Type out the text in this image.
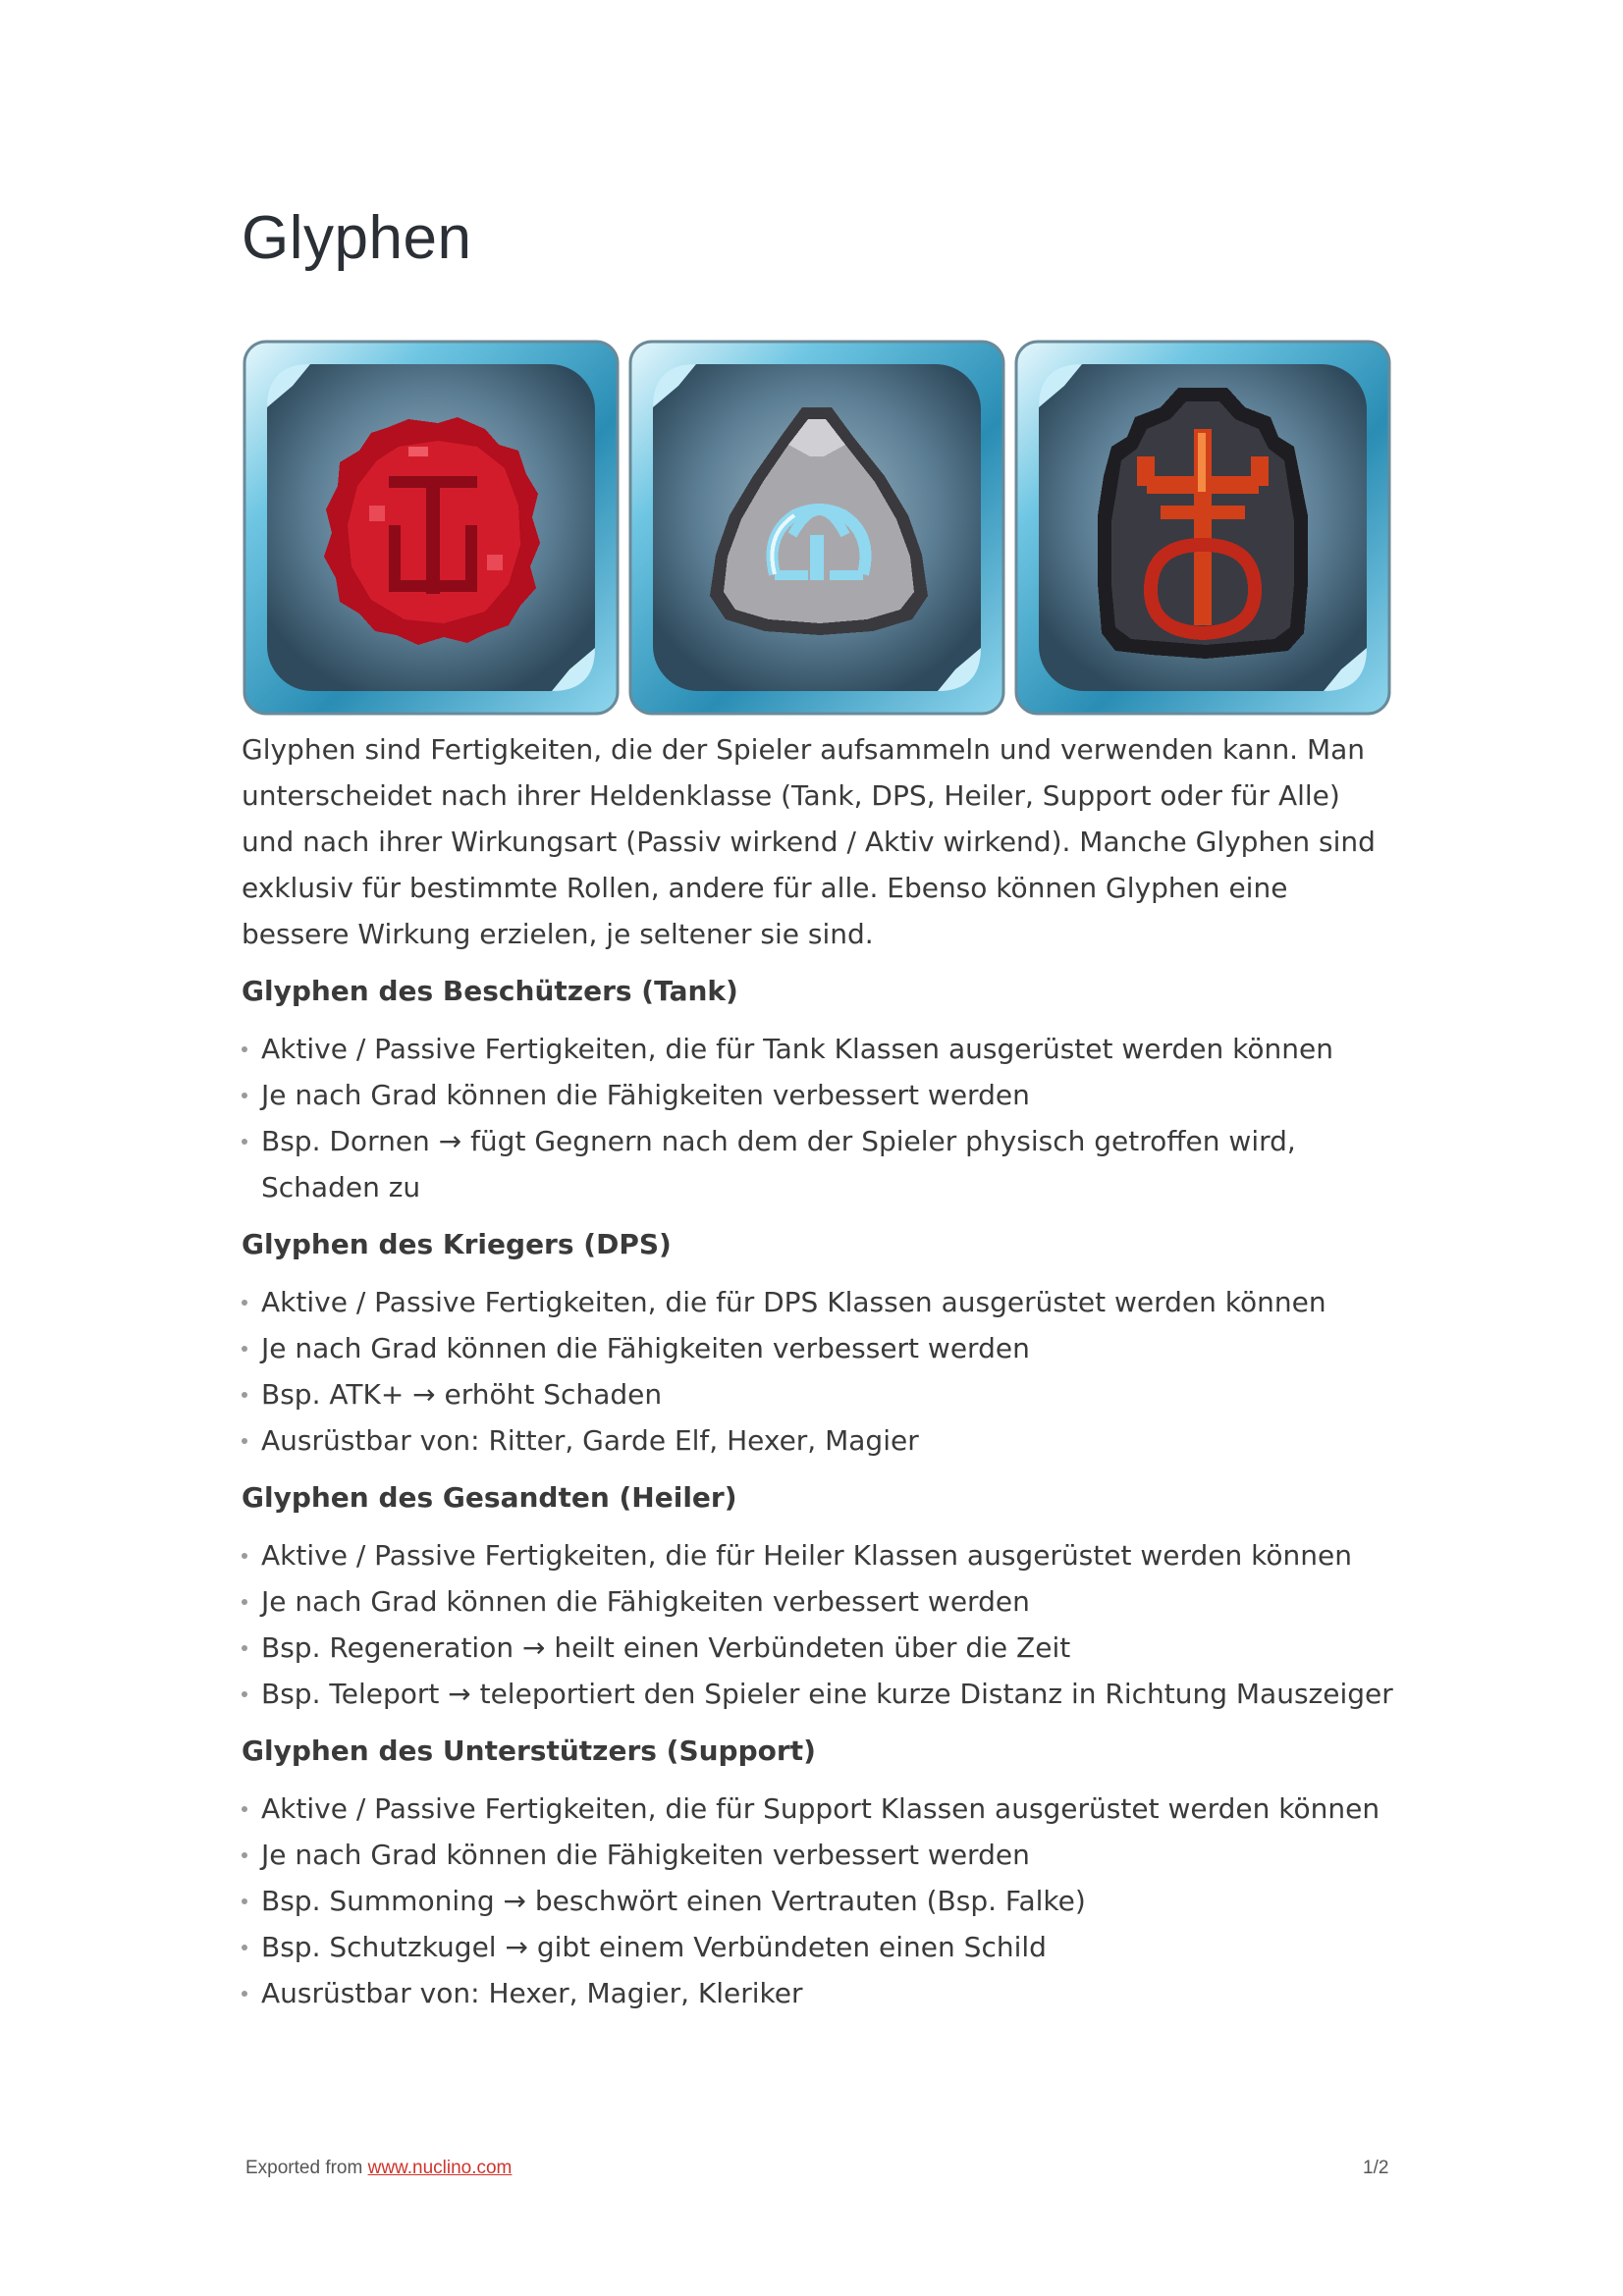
Glyphen

Glyphen sind Fertigkeiten, die der Spieler aufsammeln und verwenden kann. Man unterscheidet nach ihrer Heldenklasse (Tank, DPS, Heiler, Support oder für Alle) und nach ihrer Wirkungsart (Passiv wirkend / Aktiv wirkend). Manche Glyphen sind exklusiv für bestimmte Rollen, andere für alle. Ebenso können Glyphen eine bessere Wirkung erzielen, je seltener sie sind.

Glyphen des Beschützers (Tank)
Aktive / Passive Fertigkeiten, die für Tank Klassen ausgerüstet werden können
Je nach Grad können die Fähigkeiten verbessert werden
Bsp. Dornen → fügt Gegnern nach dem der Spieler physisch getroffen wird, Schaden zu
Glyphen des Kriegers (DPS)
Aktive / Passive Fertigkeiten, die für DPS Klassen ausgerüstet werden können
Je nach Grad können die Fähigkeiten verbessert werden
Bsp. ATK+ → erhöht Schaden
Ausrüstbar von: Ritter, Garde Elf, Hexer, Magier
Glyphen des Gesandten (Heiler)
Aktive / Passive Fertigkeiten, die für Heiler Klassen ausgerüstet werden können
Je nach Grad können die Fähigkeiten verbessert werden
Bsp. Regeneration → heilt einen Verbündeten über die Zeit
Bsp. Teleport → teleportiert den Spieler eine kurze Distanz in Richtung Mauszeiger
Glyphen des Unterstützers (Support)
Aktive / Passive Fertigkeiten, die für Support Klassen ausgerüstet werden können
Je nach Grad können die Fähigkeiten verbessert werden
Bsp. Summoning → beschwört einen Vertrauten (Bsp. Falke)
Bsp. Schutzkugel → gibt einem Verbündeten einen Schild
Ausrüstbar von: Hexer, Magier, Kleriker
Exported from www.nuclino.com	1/2
